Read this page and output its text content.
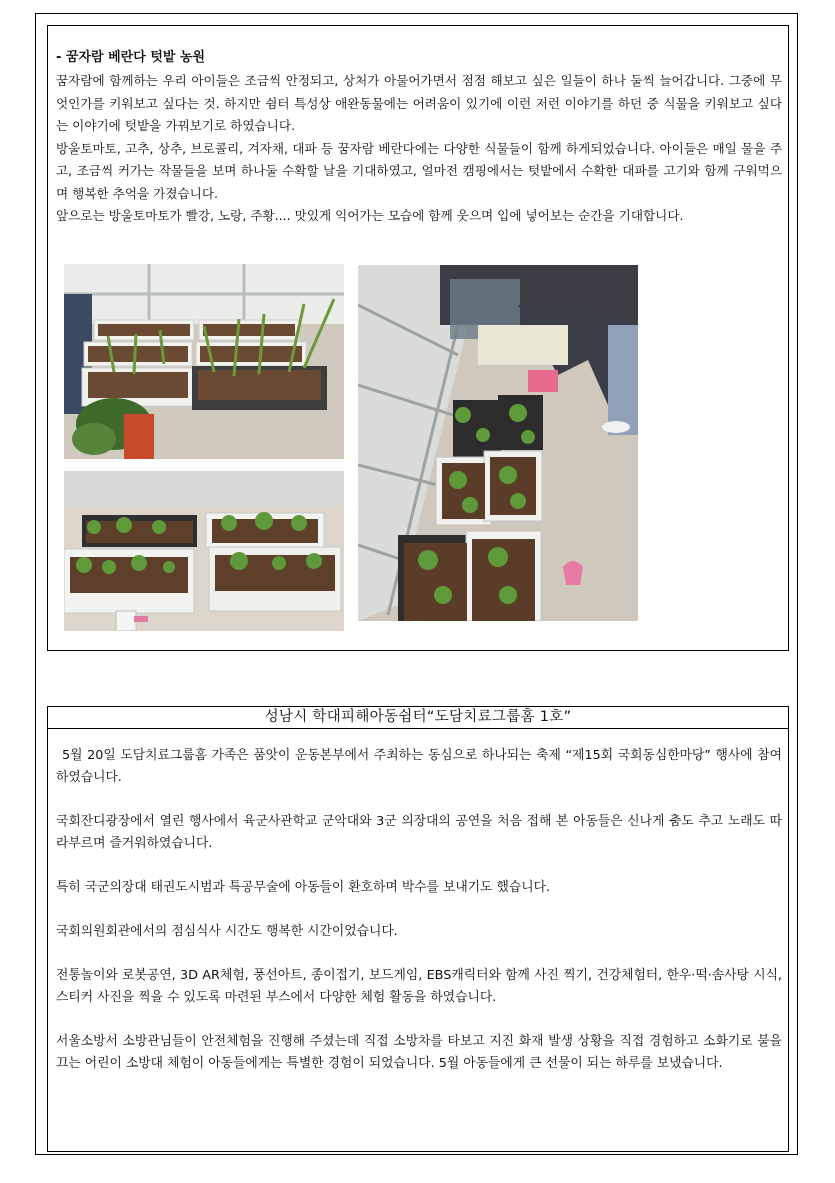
- 꿈자람 베란다 텃밭 농원

꿈자람에 함께하는 우리 아이들은 조금씩 안정되고, 상처가 아물어가면서 점점 해보고 싶은 일들이 하나 둘씩 늘어갑니다. 그중에 무엇인가를 키워보고 싶다는 것. 하지만 쉼터 특성상 애완동물에는 어려움이 있기에 이런 저런 이야기를 하던 중 식물을 키워보고 싶다는 이야기에 텃밭을 가꿔보기로 하였습니다.

방울토마토, 고추, 상추, 브로콜리, 겨자채, 대파 등 꿈자람 베란다에는 다양한 식물들이 함께 하게되었습니다. 아이들은 매일 물을 주고, 조금씩 커가는 작물들을 보며 하나둘 수확할 날을 기대하였고, 얼마전 캠핑에서는 텃밭에서 수확한 대파를 고기와 함께 구워먹으며 행복한 추억을 가졌습니다.

앞으로는 방울토마토가 빨강, 노랑, 주황.... 맛있게 익어가는 모습에 함께 웃으며 입에 넣어보는 순간을 기대합니다.

성남시 학대피해아동쉼터“도담치료그룹홈 1호”

5월 20일 도담치료그룹홈 가족은 품앗이 운동본부에서 주최하는 동심으로 하나되는 축제 “제15회 국회동심한마당” 행사에 참여하였습니다.

국회잔디광장에서 열린 행사에서 육군사관학교 군악대와 3군 의장대의 공연을 처음 접해 본 아동들은 신나게 춤도 추고 노래도 따라부르며 즐거워하였습니다.

특히 국군의장대 태권도시범과 특공무술에 아동들이 환호하며 박수를 보내기도 했습니다.

국회의원회관에서의 점심식사 시간도 행복한 시간이었습니다.

전통놀이와 로봇공연, 3D AR체험, 풍선아트, 종이접기, 보드게임, EBS캐릭터와 함께 사진 찍기, 건강체험터, 한우·떡·솜사탕 시식, 스티커 사진을 찍을 수 있도록 마련된 부스에서 다양한 체험 활동을 하였습니다.

서울소방서 소방관님들이 안전체험을 진행해 주셨는데 직접 소방차를 타보고 지진 화재 발생 상황을 직접 경험하고 소화기로 불을 끄는 어린이 소방대 체험이 아동들에게는 특별한 경험이 되었습니다. 5월 아동들에게 큰 선물이 되는 하루를 보냈습니다.
